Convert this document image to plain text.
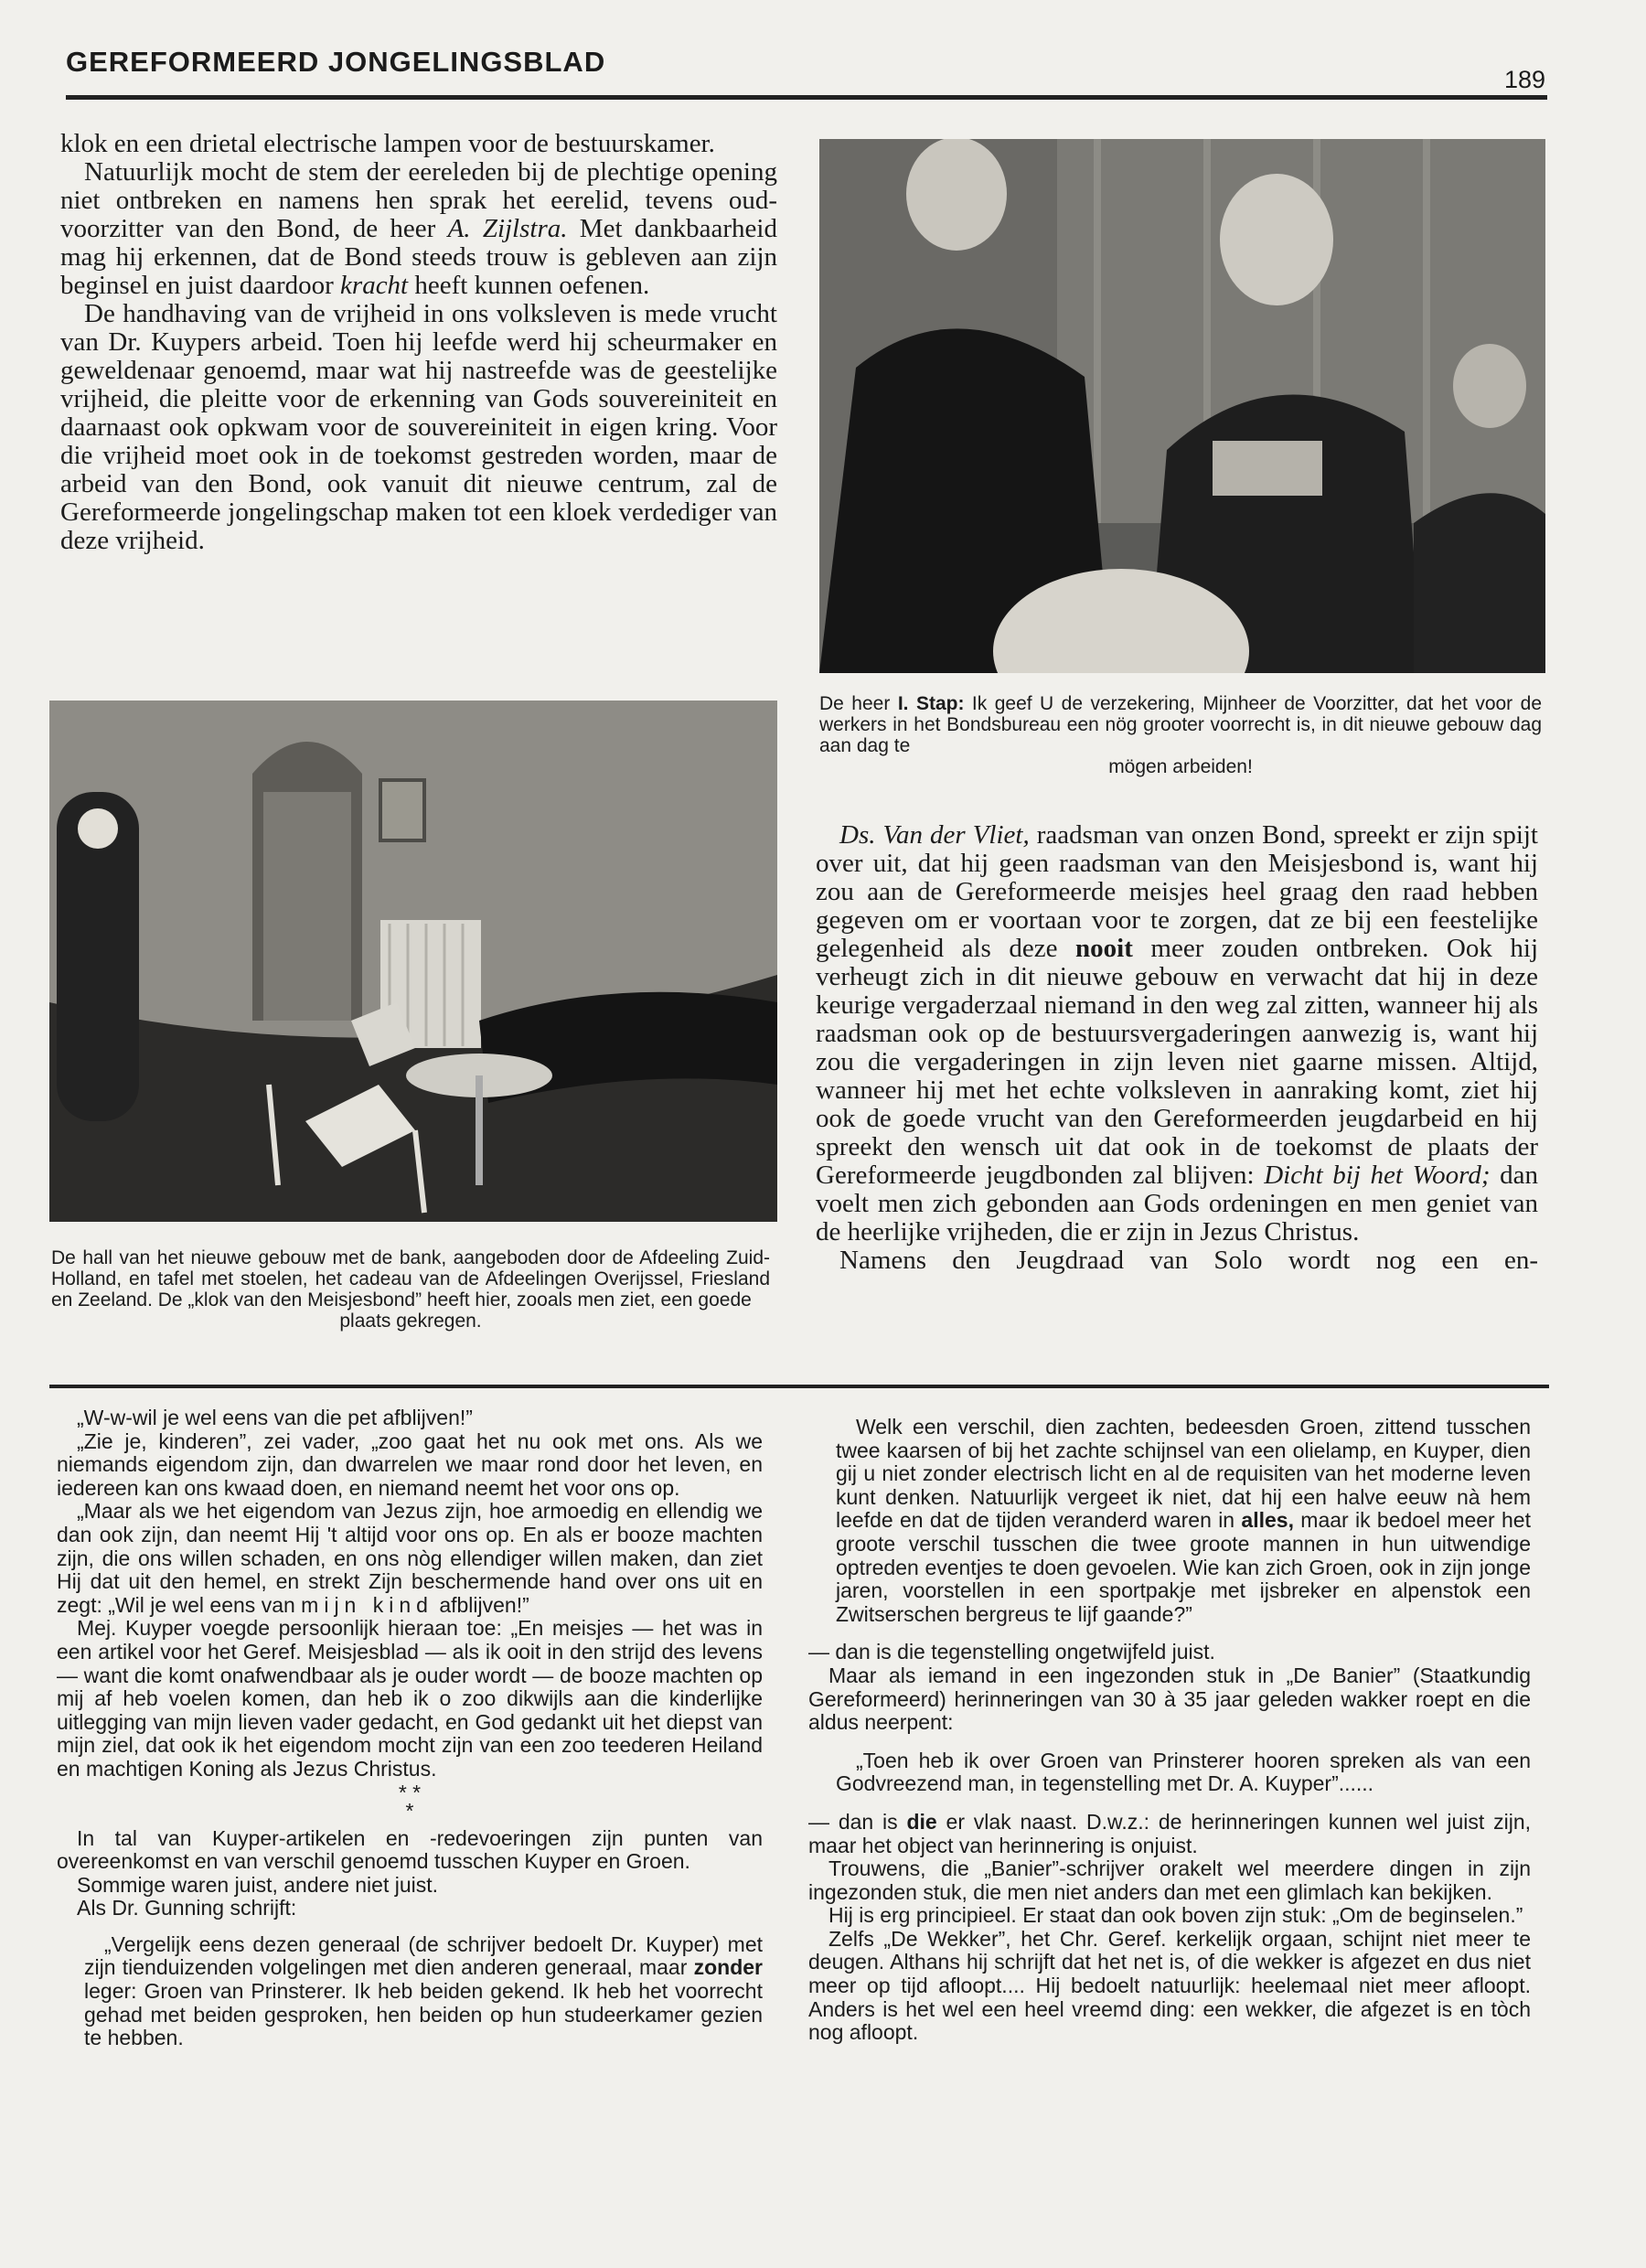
GEREFORMEERD JONGELINGSBLAD
189

klok en een drietal electrische lampen voor de bestuurskamer.

Natuurlijk mocht de stem der eereleden bij de plechtige opening niet ontbreken en namens hen sprak het eerelid, tevens oud-voorzitter van den Bond, de heer A. Zijlstra. Met dankbaarheid mag hij erkennen, dat de Bond steeds trouw is gebleven aan zijn beginsel en juist daardoor kracht heeft kunnen oefenen.

De handhaving van de vrijheid in ons volksleven is mede vrucht van Dr. Kuypers arbeid. Toen hij leefde werd hij scheurmaker en geweldenaar genoemd, maar wat hij nastreefde was de geestelijke vrijheid, die pleitte voor de erkenning van Gods souvereiniteit en daarnaast ook opkwam voor de souvereiniteit in eigen kring. Voor die vrijheid moet ook in de toekomst gestreden worden, maar de arbeid van den Bond, ook vanuit dit nieuwe centrum, zal de Gereformeerde jongelingschap maken tot een kloek verdediger van deze vrijheid.

De heer I. Stap: Ik geef U de verzekering, Mijnheer de Voorzitter, dat het voor de werkers in het Bondsbureau een nög grooter voorrecht is, in dit nieuwe gebouw dag aan dag te

mögen arbeiden!

De hall van het nieuwe gebouw met de bank, aangeboden door de Afdeeling Zuid-Holland, en tafel met stoelen, het cadeau van de Afdeelingen Overijssel, Friesland en Zeeland. De „klok van den Meisjesbond” heeft hier, zooals men ziet, een goede

plaats gekregen.

Ds. Van der Vliet, raadsman van onzen Bond, spreekt er zijn spijt over uit, dat hij geen raadsman van den Meisjesbond is, want hij zou aan de Gereformeerde meisjes heel graag den raad hebben gegeven om er voortaan voor te zorgen, dat ze bij een feestelijke gelegenheid als deze nooit meer zouden ontbreken. Ook hij verheugt zich in dit nieuwe gebouw en verwacht dat hij in deze keurige vergaderzaal niemand in den weg zal zitten, wanneer hij als raadsman ook op de bestuursvergaderingen aanwezig is, want hij zou die vergaderingen in zijn leven niet gaarne missen. Altijd, wanneer hij met het echte volksleven in aanraking komt, ziet hij ook de goede vrucht van den Gereformeerden jeugdarbeid en hij spreekt den wensch uit dat ook in de toekomst de plaats der Gereformeerde jeugdbonden zal blijven: Dicht bij het Woord; dan voelt men zich gebonden aan Gods ordeningen en men geniet van de heerlijke vrijheden, die er zijn in Jezus Christus.

Namens den Jeugdraad van Solo wordt nog een en-

„W-w-wil je wel eens van die pet afblijven!”

„Zie je, kinderen”, zei vader, „zoo gaat het nu ook met ons. Als we niemands eigendom zijn, dan dwarrelen we maar rond door het leven, en iedereen kan ons kwaad doen, en niemand neemt het voor ons op.

„Maar als we het eigendom van Jezus zijn, hoe armoedig en ellendig we dan ook zijn, dan neemt Hij 't altijd voor ons op. En als er booze machten zijn, die ons willen schaden, en ons nòg ellendiger willen maken, dan ziet Hij dat uit den hemel, en strekt Zijn beschermende hand over ons uit en zegt: „Wil je wel eens van mijn kind afblijven!”

Mej. Kuyper voegde persoonlijk hieraan toe: „En meisjes — het was in een artikel voor het Geref. Meisjesblad — als ik ooit in den strijd des levens — want die komt onafwendbaar als je ouder wordt — de booze machten op mij af heb voelen komen, dan heb ik o zoo dikwijls aan die kinderlijke uitlegging van mijn lieven vader gedacht, en God gedankt uit het diepst van mijn ziel, dat ook ik het eigendom mocht zijn van een zoo teederen Heiland en machtigen Koning als Jezus Christus.

* *
*

In tal van Kuyper-artikelen en -redevoeringen zijn punten van overeenkomst en van verschil genoemd tusschen Kuyper en Groen.

Sommige waren juist, andere niet juist.

Als Dr. Gunning schrijft:

„Vergelijk eens dezen generaal (de schrijver bedoelt Dr. Kuyper) met zijn tienduizenden volgelingen met dien anderen generaal, maar zonder leger: Groen van Prinsterer. Ik heb beiden gekend. Ik heb het voorrecht gehad met beiden gesproken, hen beiden op hun studeerkamer gezien te hebben.

Welk een verschil, dien zachten, bedeesden Groen, zittend tusschen twee kaarsen of bij het zachte schijnsel van een olielamp, en Kuyper, dien gij u niet zonder electrisch licht en al de requisiten van het moderne leven kunt denken. Natuurlijk vergeet ik niet, dat hij een halve eeuw nà hem leefde en dat de tijden veranderd waren in alles, maar ik bedoel meer het groote verschil tusschen die twee groote mannen in hun uitwendige optreden eventjes te doen gevoelen. Wie kan zich Groen, ook in zijn jonge jaren, voorstellen in een sportpakje met ijsbreker en alpenstok een Zwitserschen bergreus te lijf gaande?”

— dan is die tegenstelling ongetwijfeld juist.

Maar als iemand in een ingezonden stuk in „De Banier” (Staatkundig Gereformeerd) herinneringen van 30 à 35 jaar geleden wakker roept en die aldus neerpent:

„Toen heb ik over Groen van Prinsterer hooren spreken als van een Godvreezend man, in tegenstelling met Dr. A. Kuyper”......

— dan is die er vlak naast. D.w.z.: de herinneringen kunnen wel juist zijn, maar het object van herinnering is onjuist.

Trouwens, die „Banier”-schrijver orakelt wel meerdere dingen in zijn ingezonden stuk, die men niet anders dan met een glimlach kan bekijken.

Hij is erg principieel. Er staat dan ook boven zijn stuk: „Om de beginselen.”

Zelfs „De Wekker”, het Chr. Geref. kerkelijk orgaan, schijnt niet meer te deugen. Althans hij schrijft dat het net is, of die wekker is afgezet en dus niet meer op tijd afloopt.... Hij bedoelt natuurlijk: heelemaal niet meer afloopt. Anders is het wel een heel vreemd ding: een wekker, die afgezet is en tòch nog afloopt.
